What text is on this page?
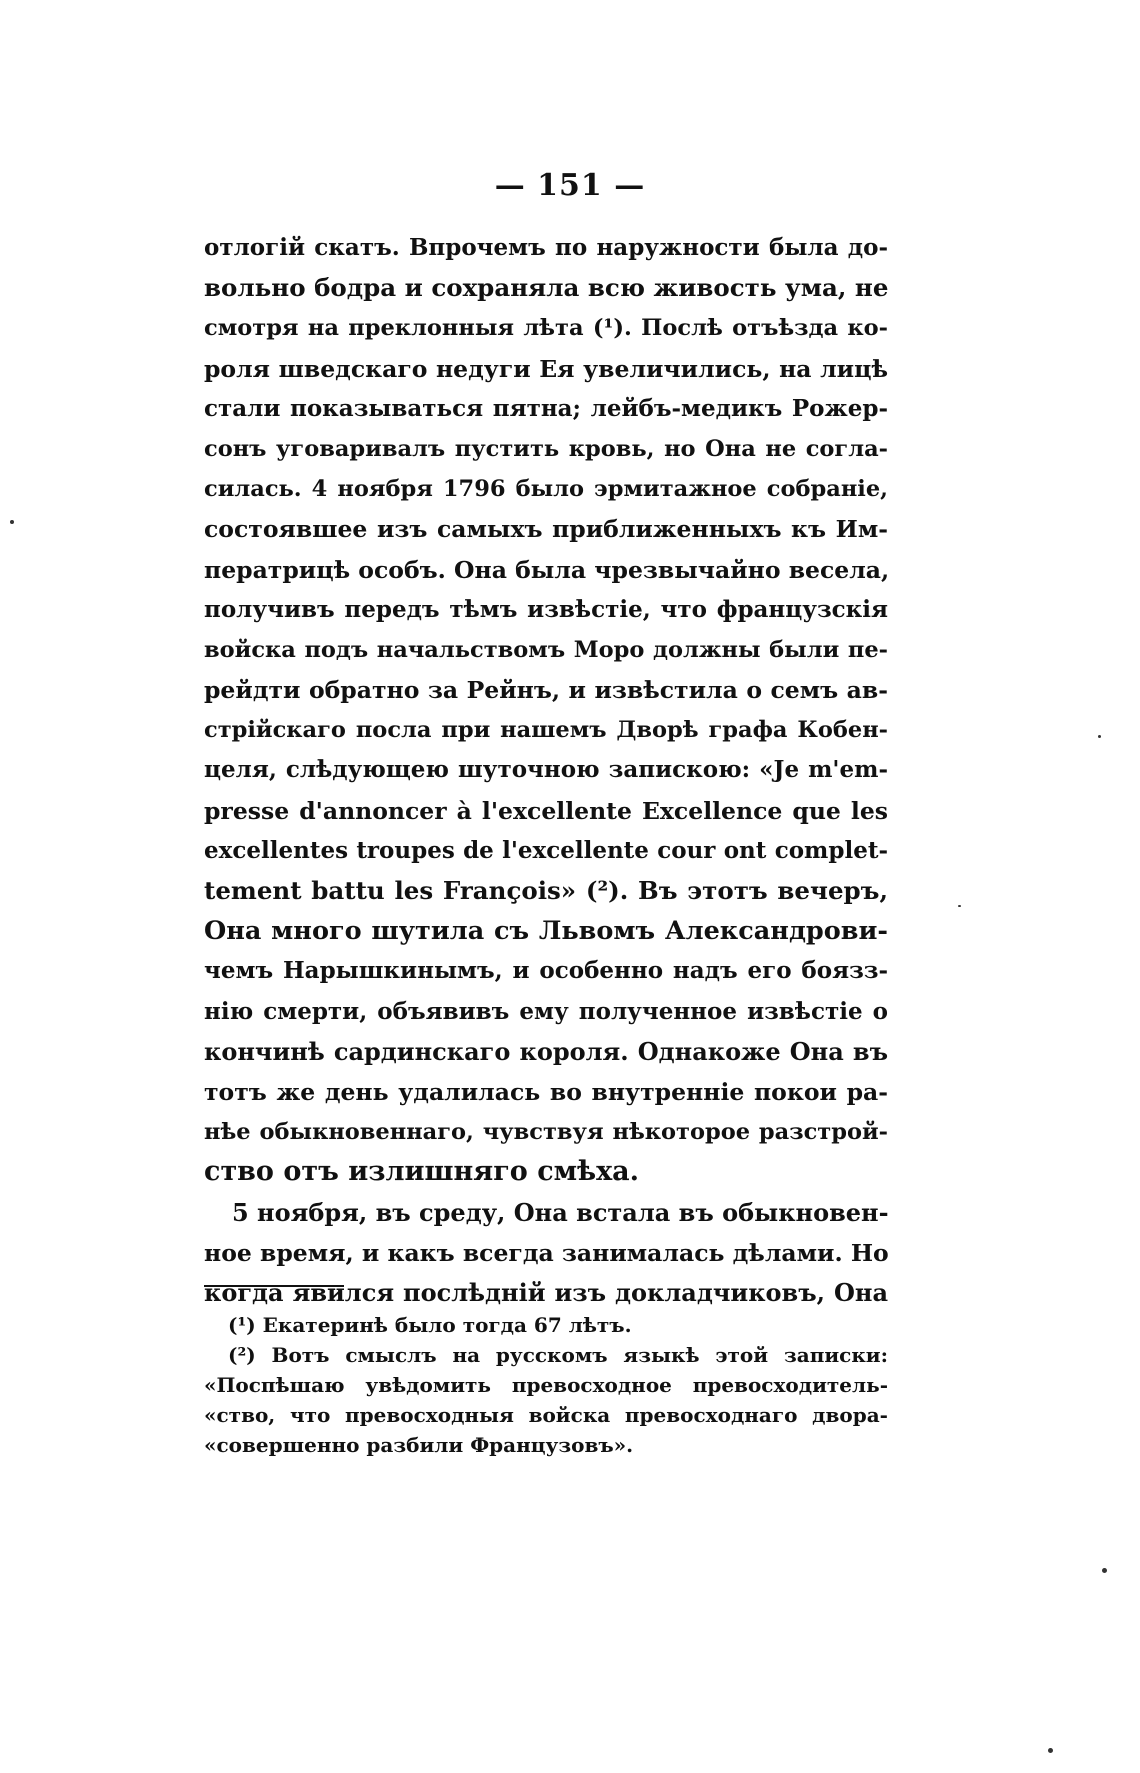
— 151 —
отлогій скатъ. Впрочемъ по наружности была до-
вольно бодра и сохраняла всю живость ума, не
смотря на преклонныя лѣта (¹). Послѣ отъѣзда ко-
роля шведскаго недуги Ея увеличились, на лицѣ
стали показываться пятна; лейбъ-медикъ Рожер-
сонъ уговаривалъ пустить кровь, но Она не согла-
силась. 4 ноября 1796 было эрмитажное собраніе,
состоявшее изъ самыхъ приближенныхъ къ Им-
ператрицѣ особъ. Она была чрезвычайно весела,
получивъ передъ тѣмъ извѣстіе, что французскія
войска подъ начальствомъ Моро должны были пе-
рейдти обратно за Рейнъ, и извѣстила о семъ ав-
стрійскаго посла при нашемъ Дворѣ графа Кобен-
целя, слѣдующею шуточною запискою: «Je m'em-
presse d'annoncer à l'excellente Excellence que les
excellentes troupes de l'excellente cour ont complet-
tement battu les François» (²). Въ этотъ вечеръ,
Она много шутила съ Львомъ Александрови-
чемъ Нарышкинымъ, и особенно надъ его боязз-
нію смерти, объявивъ ему полученное извѣстіе о
кончинѣ сардинскаго короля. Однакоже Она въ
тотъ же день удалилась во внутренніе покои ра-
нѣе обыкновеннаго, чувствуя нѣкоторое разстрой-
ство отъ излишняго смѣха.
5 ноября, въ среду, Она встала въ обыкновен-
ное время, и какъ всегда занималась дѣлами. Но
когда явился послѣдній изъ докладчиковъ, Она
(¹) Екатеринѣ было тогда 67 лѣтъ.
(²) Вотъ смыслъ на русскомъ языкѣ этой записки:
«Поспѣшаю увѣдомить превосходное превосходитель-
«ство, что превосходныя войска превосходнаго двора-
«совершенно разбили Французовъ».
